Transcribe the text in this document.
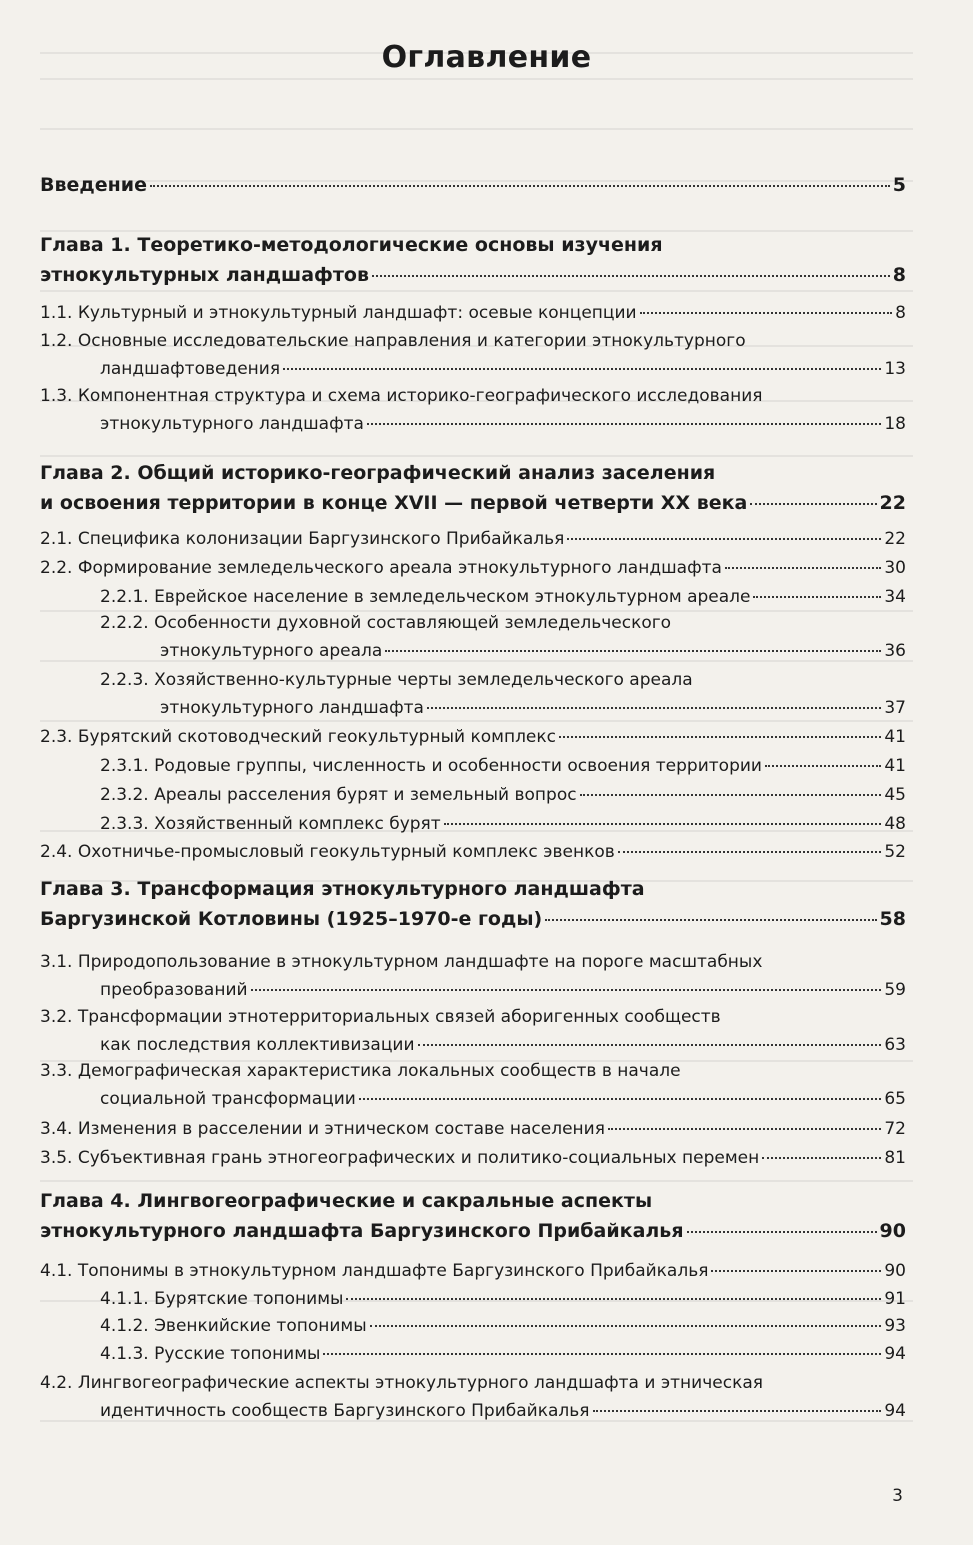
Оглавление
Введение	5
Глава 1. Теоретико-методологические основы изучения
этнокультурных ландшафтов	8
1.1. Культурный и этнокультурный ландшафт: осевые концепции	8
1.2. Основные исследовательские направления и категории этнокультурного
ландшафтоведения	13
1.3. Компонентная структура и схема историко-географического исследования
этнокультурного ландшафта	18
Глава 2. Общий историко-географический анализ заселения
и освоения территории в конце XVII — первой четверти XX века	22
2.1. Специфика колонизации Баргузинского Прибайкалья	22
2.2. Формирование земледельческого ареала этнокультурного ландшафта	30
2.2.1. Еврейское население в земледельческом этнокультурном ареале	34
2.2.2. Особенности духовной составляющей земледельческого
этнокультурного ареала	36
2.2.3. Хозяйственно-культурные черты земледельческого ареала
этнокультурного ландшафта	37
2.3. Бурятский скотоводческий геокультурный комплекс	41
2.3.1. Родовые группы, численность и особенности освоения территории	41
2.3.2. Ареалы расселения бурят и земельный вопрос	45
2.3.3. Хозяйственный комплекс бурят	48
2.4. Охотничье-промысловый геокультурный комплекс эвенков	52
Глава 3. Трансформация этнокультурного ландшафта
Баргузинской Котловины (1925–1970-е годы)	58
3.1. Природопользование в этнокультурном ландшафте на пороге масштабных
преобразований	59
3.2. Трансформации этнотерриториальных связей аборигенных сообществ
как последствия коллективизации	63
3.3. Демографическая характеристика локальных сообществ в начале
социальной трансформации	65
3.4. Изменения в расселении и этническом составе населения	72
3.5. Субъективная грань этногеографических и политико-социальных перемен	81
Глава 4. Лингвогеографические и сакральные аспекты
этнокультурного ландшафта Баргузинского Прибайкалья	90
4.1. Топонимы в этнокультурном ландшафте Баргузинского Прибайкалья	90
4.1.1. Бурятские топонимы	91
4.1.2. Эвенкийские топонимы	93
4.1.3. Русские топонимы	94
4.2. Лингвогеографические аспекты этнокультурного ландшафта и этническая
идентичность сообществ Баргузинского Прибайкалья	94
3
